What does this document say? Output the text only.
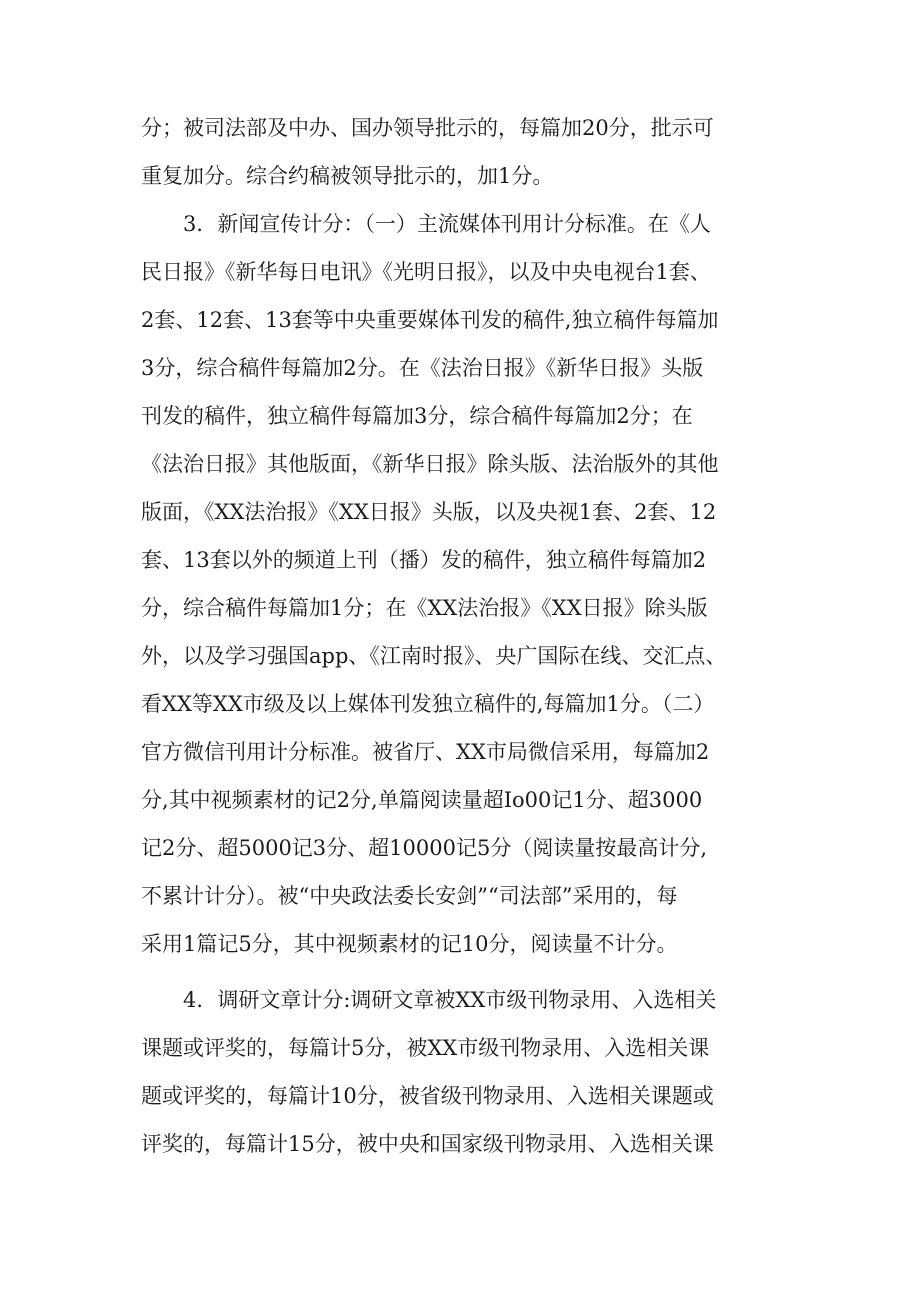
分；被司法部及中办、国办领导批示的，每篇加20分，批示可
重复加分。综合约稿被领导批示的，加1分。
3．新闻宣传计分：（一）主流媒体刊用计分标准。在《人
民日报》《新华每日电讯》《光明日报》，以及中央电视台1套、
2套、12套、13套等中央重要媒体刊发的稿件,独立稿件每篇加
3分，综合稿件每篇加2分。在《法治日报》《新华日报》头版
刊发的稿件，独立稿件每篇加3分，综合稿件每篇加2分；在
《法治日报》其他版面，《新华日报》除头版、法治版外的其他
版面，《XX法治报》《XX日报》头版，以及央视1套、2套、12
套、13套以外的频道上刊（播）发的稿件，独立稿件每篇加2
分，综合稿件每篇加1分；在《XX法治报》《XX日报》除头版
外，以及学习强国app、《江南时报》、央广国际在线、交汇点、
看XX等XX市级及以上媒体刊发独立稿件的,每篇加1分。（二）
官方微信刊用计分标准。被省厅、XX市局微信采用，每篇加2
分,其中视频素材的记2分,单篇阅读量超Io00记1分、超3000
记2分、超5000记3分、超10000记5分（阅读量按最高计分,
不累计计分）。被“中央政法委长安剑”“司法部”采用的，每
采用1篇记5分，其中视频素材的记10分，阅读量不计分。
4．调研文章计分:调研文章被XX市级刊物录用、入选相关
课题或评奖的，每篇计5分，被XX市级刊物录用、入选相关课
题或评奖的，每篇计10分，被省级刊物录用、入选相关课题或
评奖的，每篇计15分，被中央和国家级刊物录用、入选相关课
